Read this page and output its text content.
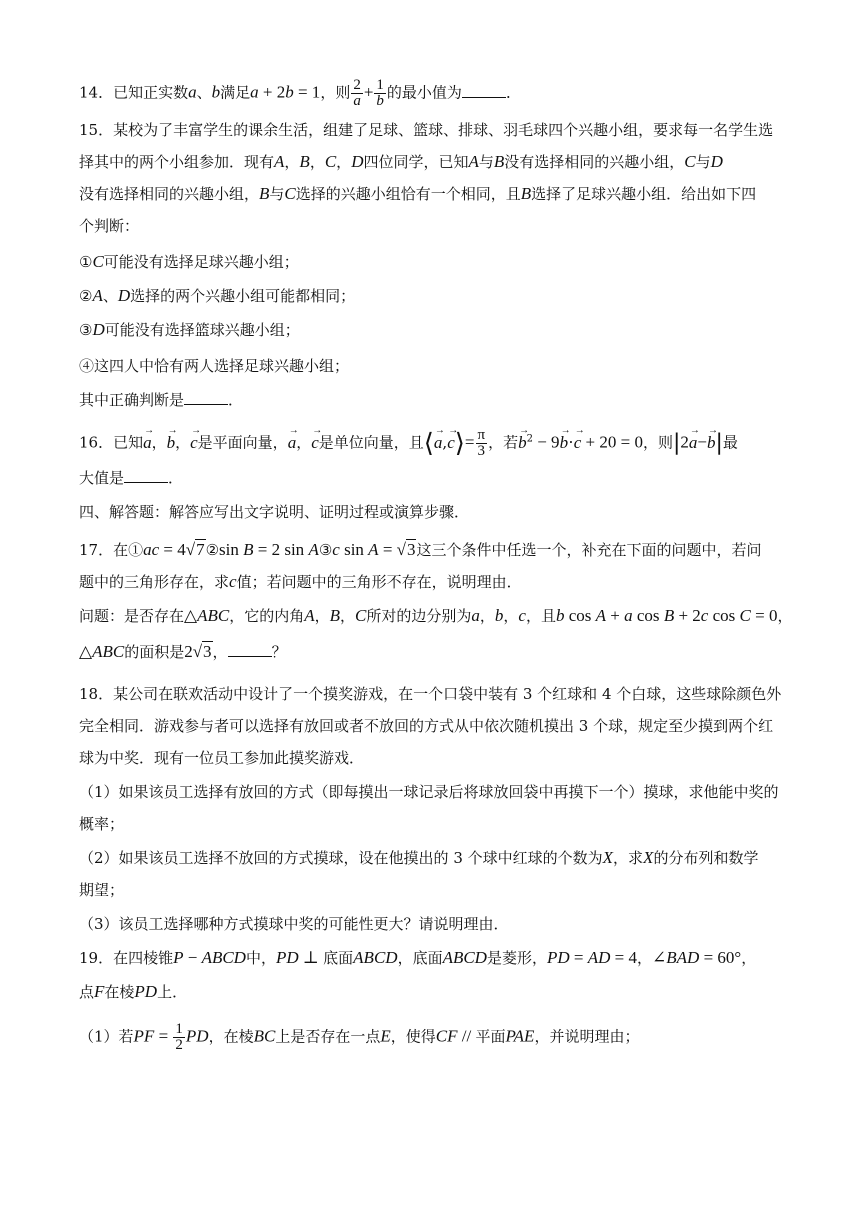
14．已知正实数a、b满足a + 2b = 1，则 $\frac{2}{a} + \frac{1}{b}$ 的最小值为	．
15．某校为了丰富学生的课余生活，组建了足球、篮球、排球、羽毛球四个兴趣小组，要求每一名学生选
择其中的两个小组参加．现有A，B，C，D四位同学，已知A与B没有选择相同的兴趣小组，C与D
没有选择相同的兴趣小组，B与C选择的兴趣小组恰有一个相同，且B选择了足球兴趣小组．给出如下四
个判断：
①C可能没有选择足球兴趣小组；
②A、D选择的两个兴趣小组可能都相同；
③D可能没有选择篮球兴趣小组；
④这四人中恰有两人选择足球兴趣小组；
其中正确判断是	．
16．已知→ a，→ b，→ c是平面向量，→ a，→ c是单位向量，且⟨→ a,→ c⟩= $\frac{\pi}{3}$ ，若→ $b^2 - 9\to b\cdot\to c + 20 = 0$，则|2→ a−→ b|最
大值是	．
四、解答题：解答应写出文字说明、证明过程或演算步骤．
17．在①ac = 4√7②sin B = 2 sin A③c sin A = √3这三个条件中任选一个，补充在下面的问题中，若问
题中的三角形存在，求c值；若问题中的三角形不存在，说明理由．
问题：是否存在△ABC，它的内角A，B，C所对的边分别为a，b，c，且b cos A + a cos B + 2c cos C = 0，
△ABC的面积是2√3，	？
18．某公司在联欢活动中设计了一个摸奖游戏，在一个口袋中装有 3 个红球和 4 个白球，这些球除颜色外
完全相同．游戏参与者可以选择有放回或者不放回的方式从中依次随机摸出 3 个球，规定至少摸到两个红
球为中奖．现有一位员工参加此摸奖游戏．
（1）如果该员工选择有放回的方式（即每摸出一球记录后将球放回袋中再摸下一个）摸球，求他能中奖的
概率；
（2）如果该员工选择不放回的方式摸球，设在他摸出的 3 个球中红球的个数为X，求X的分布列和数学
期望；
（3）该员工选择哪种方式摸球中奖的可能性更大？请说明理由．
19．在四棱锥P − ABCD中，PD ⊥ 底面ABCD，底面ABCD是菱形，PD = AD = 4，∠BAD = 60°，
点F在棱PD上．
（1）若PF = $\frac{1}{2}$ PD，在棱BC上是否存在一点E，使得CF // 平面PAE，并说明理由；
